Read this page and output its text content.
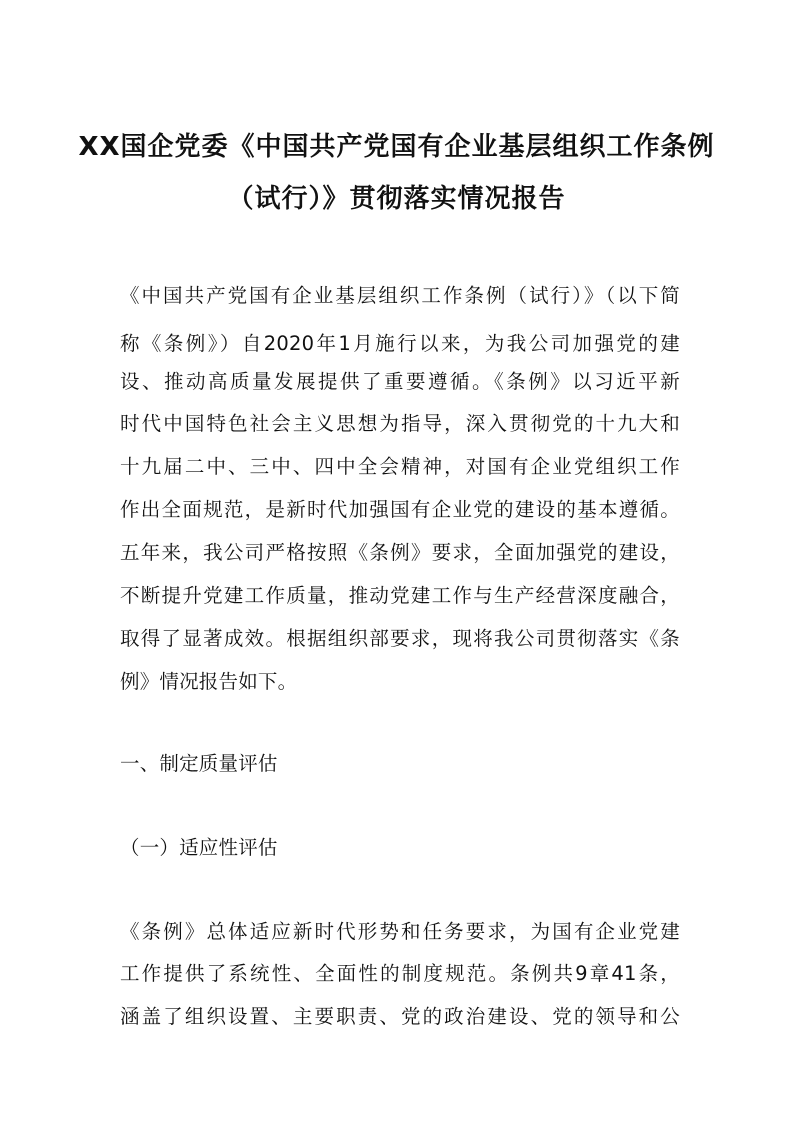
XX国企党委《中国共产党国有企业基层组织工作条例
（试行）》贯彻落实情况报告
《中国共产党国有企业基层组织工作条例（试行）》（以下简
称《条例》）自2020年1月施行以来，为我公司加强党的建
设、推动高质量发展提供了重要遵循。《条例》以习近平新
时代中国特色社会主义思想为指导，深入贯彻党的十九大和
十九届二中、三中、四中全会精神，对国有企业党组织工作
作出全面规范，是新时代加强国有企业党的建设的基本遵循。
五年来，我公司严格按照《条例》要求，全面加强党的建设，
不断提升党建工作质量，推动党建工作与生产经营深度融合，
取得了显著成效。根据组织部要求，现将我公司贯彻落实《条
例》情况报告如下。
一、制定质量评估
（一）适应性评估
《条例》总体适应新时代形势和任务要求，为国有企业党建
工作提供了系统性、全面性的制度规范。条例共9章41条，
涵盖了组织设置、主要职责、党的政治建设、党的领导和公
